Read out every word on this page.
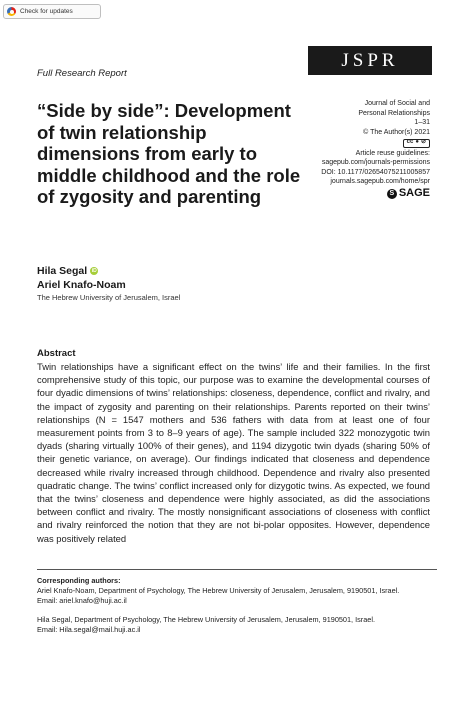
Check for updates
Full Research Report
JSPR
“Side by side”: Development of twin relationship dimensions from early to middle childhood and the role of zygosity and parenting
Journal of Social and
Personal Relationships
1–31
© The Author(s) 2021
cc ● ⊘
Article reuse guidelines:
sagepub.com/journals-permissions
DOI: 10.1177/02654075211005857
journals.sagepub.com/home/spr
S SAGE
Hila Segal iD
Ariel Knafo-Noam
The Hebrew University of Jerusalem, Israel
Abstract

Twin relationships have a significant effect on the twins’ life and their families. In the first comprehensive study of this topic, our purpose was to examine the developmental courses of four dyadic dimensions of twins’ relationships: closeness, dependence, conflict and rivalry, and the impact of zygosity and parenting on their relationships. Parents reported on their twins’ relationships (N = 1547 mothers and 536 fathers with data from at least one of four measurement points from 3 to 8–9 years of age). The sample included 322 monozygotic twin dyads (sharing virtually 100% of their genes), and 1194 dizygotic twin dyads (sharing 50% of their genetic variance, on average). Our findings indicated that closeness and dependence decreased while rivalry increased through childhood. Dependence and rivalry also presented quadratic change. The twins’ conflict increased only for dizygotic twins. As expected, we found that the twins’ closeness and dependence were highly associated, as did the associations between conflict and rivalry. The mostly nonsignificant associations of closeness with conflict and rivalry reinforced the notion that they are not bi-polar opposites. However, dependence was positively related

Corresponding authors:
Ariel Knafo-Noam, Department of Psychology, The Hebrew University of Jerusalem, Jerusalem, 9190501, Israel.
Email: ariel.knafo@huji.ac.il
Hila Segal, Department of Psychology, The Hebrew University of Jerusalem, Jerusalem, 9190501, Israel.
Email: Hila.segal@mail.huji.ac.il
